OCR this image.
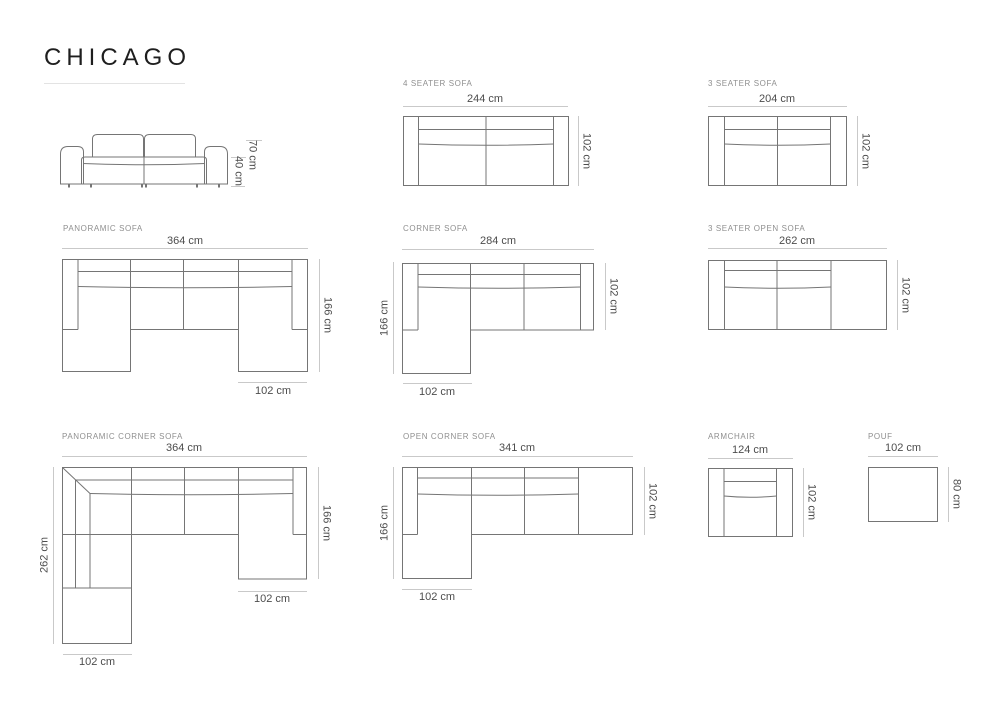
CHICAGO
70 cm
40 cm
4 SEATER SOFA
244 cm
102 cm
3 SEATER SOFA
204 cm
102 cm
PANORAMIC SOFA
364 cm
166 cm
102 cm
CORNER SOFA
284 cm
102 cm
166 cm
102 cm
3 SEATER OPEN SOFA
262 cm
102 cm
PANORAMIC CORNER SOFA
364 cm
262 cm
166 cm
102 cm
102 cm
OPEN CORNER SOFA
341 cm
166 cm
102 cm
102 cm
ARMCHAIR
124 cm
102 cm
POUF
102 cm
80 cm
